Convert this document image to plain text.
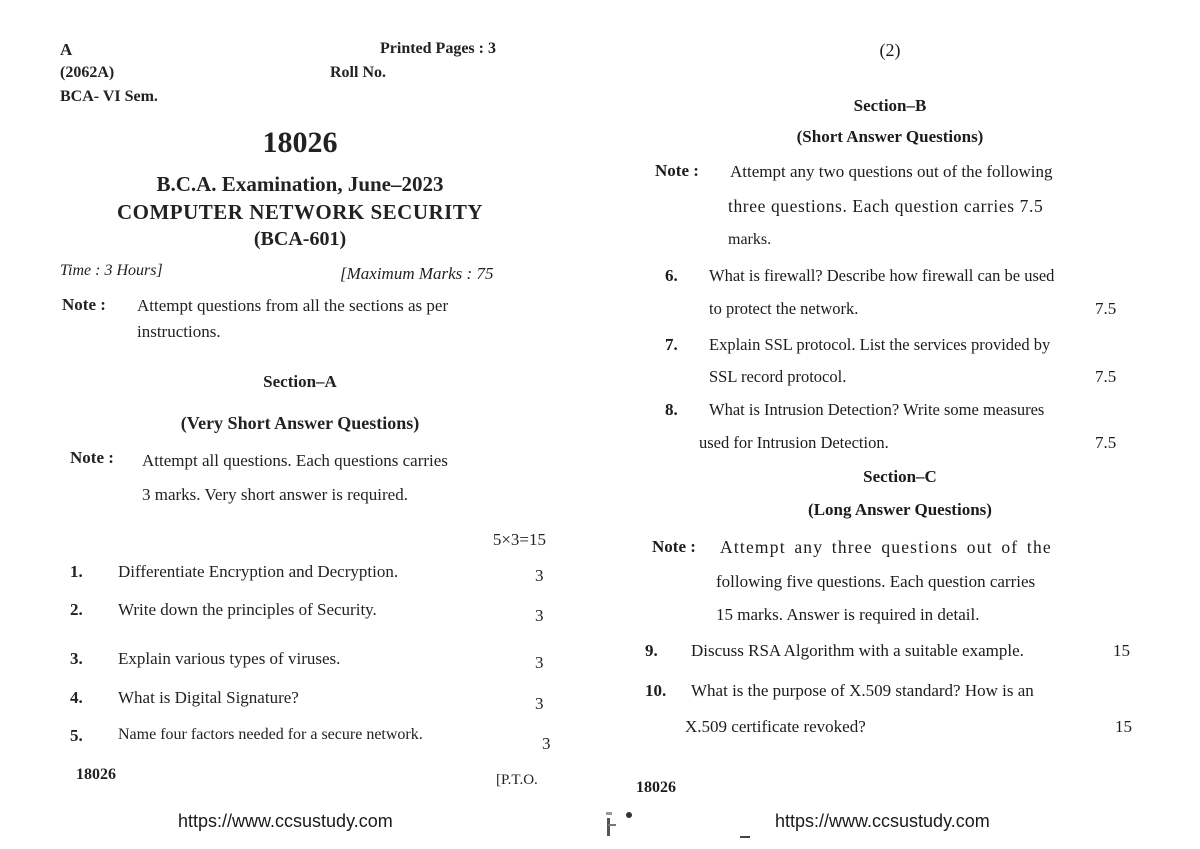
A	Printed Pages : 3
(2062A)	Roll No.
BCA- VI Sem.
18026
B.C.A. Examination, June–2023
COMPUTER NETWORK SECURITY
(BCA-601)
Time : 3 Hours]	[Maximum Marks : 75
Note : Attempt questions from all the sections as per
instructions.
Section–A
(Very Short Answer Questions)
Note : Attempt all questions. Each questions carries
3 marks. Very short answer is required.
5×3=15
1. Differentiate Encryption and Decryption.	3
2. Write down the principles of Security.	3
3. Explain various types of viruses.	3
4. What is Digital Signature?	3
5. Name four factors needed for a secure network.	3
18026	[P.T.O.
https://www.ccsustudy.com
(2)
Section–B
(Short Answer Questions)
Note : Attempt any two questions out of the following
three questions. Each question carries 7.5
marks.
6. What is firewall? Describe how firewall can be used
to protect the network.	7.5
7. Explain SSL protocol. List the services provided by
SSL record protocol.	7.5
8. What is Intrusion Detection? Write some measures
used for Intrusion Detection.	7.5
Section–C
(Long Answer Questions)
Note : Attempt any three questions out of the
following five questions. Each question carries
15 marks. Answer is required in detail.
9. Discuss RSA Algorithm with a suitable example.	15
10. What is the purpose of X.509 standard? How is an
X.509 certificate revoked?	15
18026
https://www.ccsustudy.com
